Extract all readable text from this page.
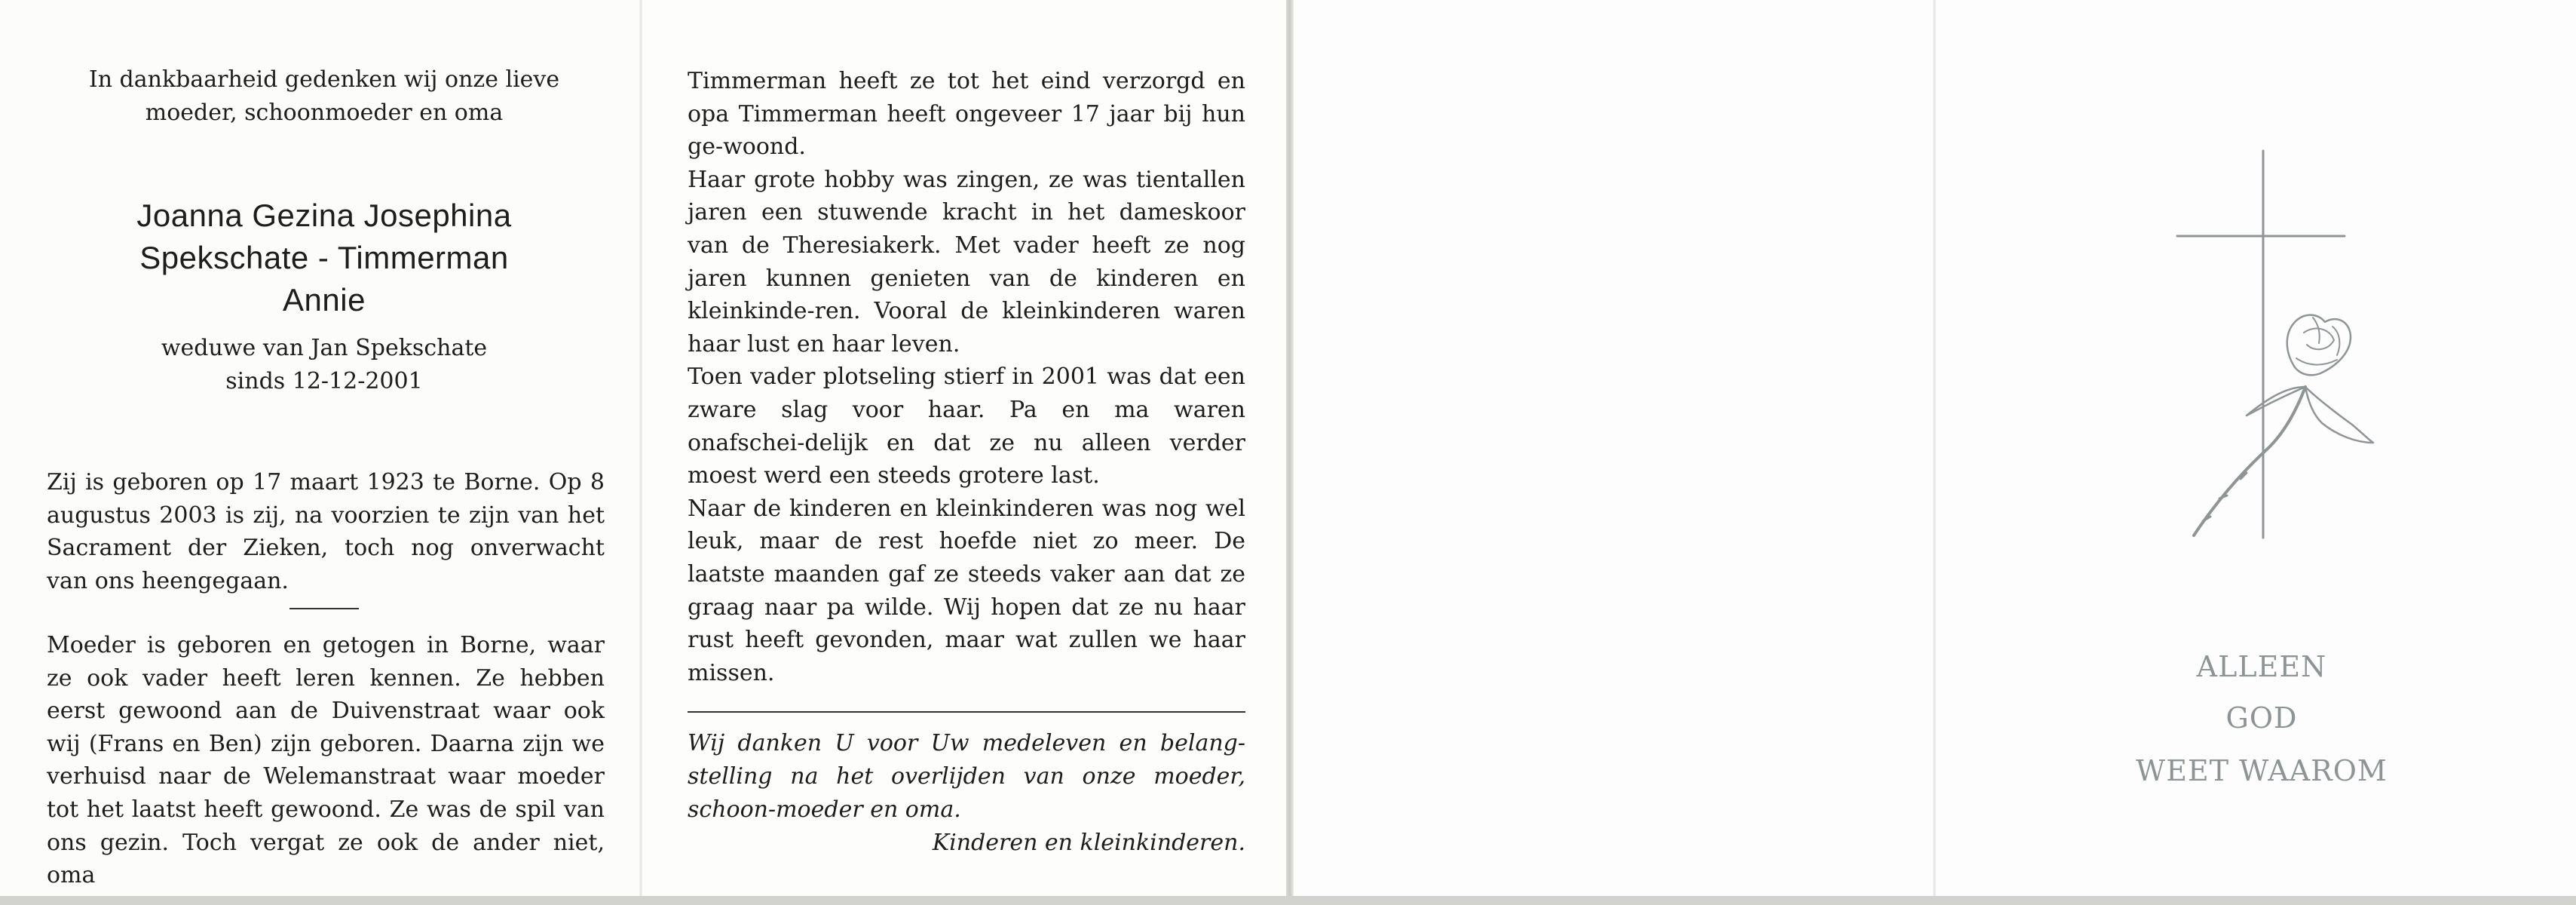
In dankbaarheid gedenken wij onze lieve
moeder, schoonmoeder en oma
Joanna Gezina Josephina
Spekschate - Timmerman
Annie
weduwe van Jan Spekschate
sinds 12-12-2001
Zij is geboren op 17 maart 1923 te Borne. Op 8 augustus 2003 is zij, na voorzien te zijn van het Sacrament der Zieken, toch nog onverwacht van ons heengegaan.
Moeder is geboren en getogen in Borne, waar ze ook vader heeft leren kennen. Ze hebben eerst gewoond aan de Duivenstraat waar ook wij (Frans en Ben) zijn geboren. Daarna zijn we verhuisd naar de Welemanstraat waar moeder tot het laatst heeft gewoond. Ze was de spil van ons gezin. Toch vergat ze ook de ander niet, oma
Timmerman heeft ze tot het eind verzorgd en opa Timmerman heeft ongeveer 17 jaar bij hun ge-woond.
Haar grote hobby was zingen, ze was tientallen jaren een stuwende kracht in het dameskoor van de Theresiakerk. Met vader heeft ze nog jaren kunnen genieten van de kinderen en kleinkinde-ren. Vooral de kleinkinderen waren haar lust en haar leven.
Toen vader plotseling stierf in 2001 was dat een zware slag voor haar. Pa en ma waren onafschei-delijk en dat ze nu alleen verder moest werd een steeds grotere last.
Naar de kinderen en kleinkinderen was nog wel leuk, maar de rest hoefde niet zo meer. De laatste maanden gaf ze steeds vaker aan dat ze graag naar pa wilde. Wij hopen dat ze nu haar rust heeft gevonden, maar wat zullen we haar missen.
Wij danken U voor Uw medeleven en belang-stelling na het overlijden van onze moeder, schoon-moeder en oma.
Kinderen en kleinkinderen.
ALLEEN
GOD
WEET WAAROM
